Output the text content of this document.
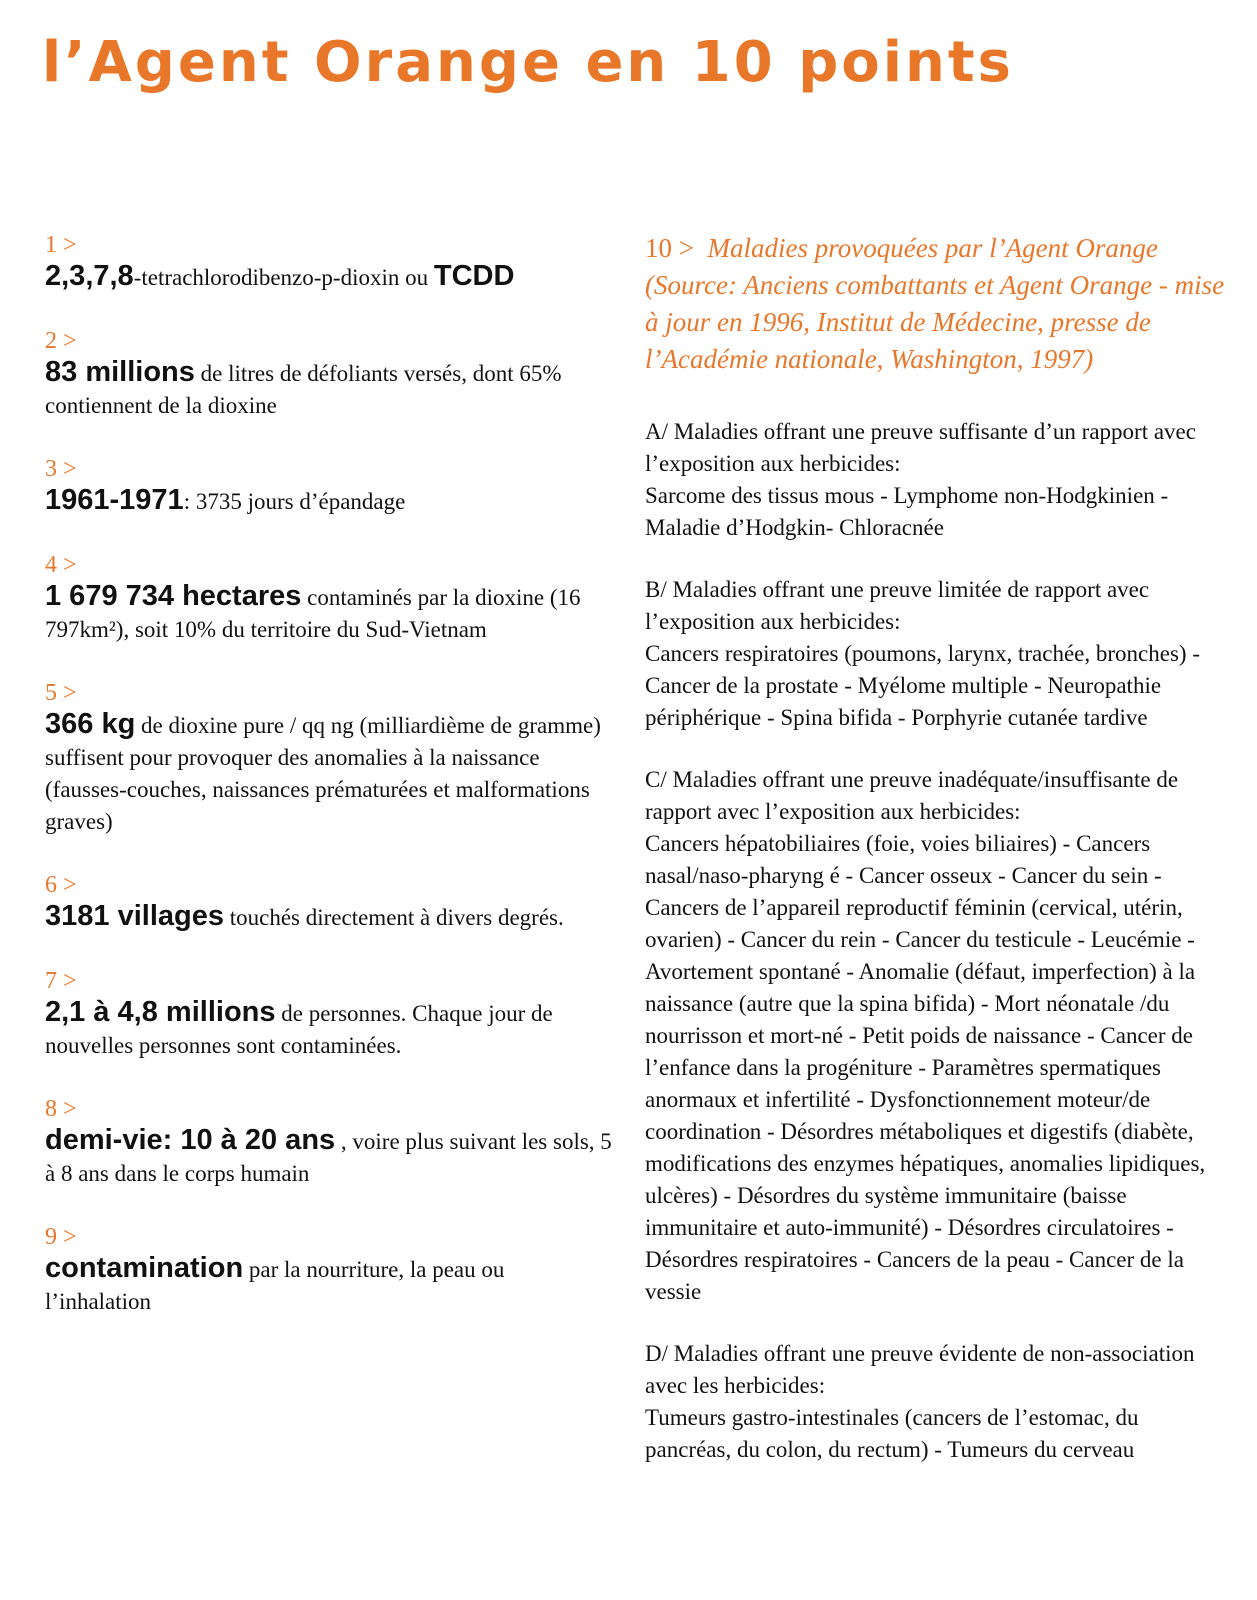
l’Agent Orange en 10 points
1 >
2,3,7,8-tetrachlorodibenzo-p-dioxin ou TCDD
2 >
83 millions de litres de défoliants versés, dont 65% contiennent de la dioxine
3 >
1961-1971: 3735 jours d’épandage
4 >
1 679 734 hectares contaminés par la dioxine (16 797km²), soit 10% du territoire du Sud-Vietnam
5 >
366 kg de dioxine pure / qq ng (milliardième de gramme) suffisent pour provoquer des anomalies à la naissance (fausses-couches, naissances prématurées et malformations graves)
6 >
3181 villages touchés directement à divers degrés.
7 >
2,1 à 4,8 millions de personnes. Chaque jour de nouvelles personnes sont contaminées.
8 >
demi-vie: 10 à 20 ans , voire plus suivant les sols, 5 à 8 ans dans le corps humain
9 >
contamination par la nourriture, la peau ou l’inhalation
10 > Maladies provoquées par l’Agent Orange
(Source: Anciens combattants et Agent Orange - mise à jour en 1996, Institut de Médecine, presse de l’Académie nationale, Washington, 1997)
A/ Maladies offrant une preuve suffisante d’un rapport avec l’exposition aux herbicides:
Sarcome des tissus mous - Lymphome non-Hodgkinien - Maladie d’Hodgkin- Chloracnée
B/ Maladies offrant une preuve limitée de rapport avec l’exposition aux herbicides:
Cancers respiratoires (poumons, larynx, trachée, bronches) - Cancer de la prostate - Myélome multiple - Neuropathie périphérique - Spina bifida - Porphyrie cutanée tardive
C/ Maladies offrant une preuve inadéquate/insuffisante de rapport avec l’exposition aux herbicides:
Cancers hépatobiliaires (foie, voies biliaires) - Cancers nasal/naso-pharyng é - Cancer osseux - Cancer du sein - Cancers de l’appareil reproductif féminin (cervical, utérin, ovarien) - Cancer du rein - Cancer du testicule - Leucémie - Avortement spontané - Anomalie (défaut, imperfection) à la naissance (autre que la spina bifida) - Mort néonatale /du nourrisson et mort-né - Petit poids de naissance - Cancer de l’enfance dans la progéniture - Paramètres spermatiques anormaux et infertilité - Dysfonctionnement moteur/de coordination - Désordres métaboliques et digestifs (diabète, modifications des enzymes hépatiques, anomalies lipidiques, ulcères) - Désordres du système immunitaire (baisse immunitaire et auto-immunité) - Désordres circulatoires - Désordres respiratoires - Cancers de la peau - Cancer de la vessie
D/ Maladies offrant une preuve évidente de non-association avec les herbicides:
Tumeurs gastro-intestinales (cancers de l’estomac, du pancréas, du colon, du rectum) - Tumeurs du cerveau
